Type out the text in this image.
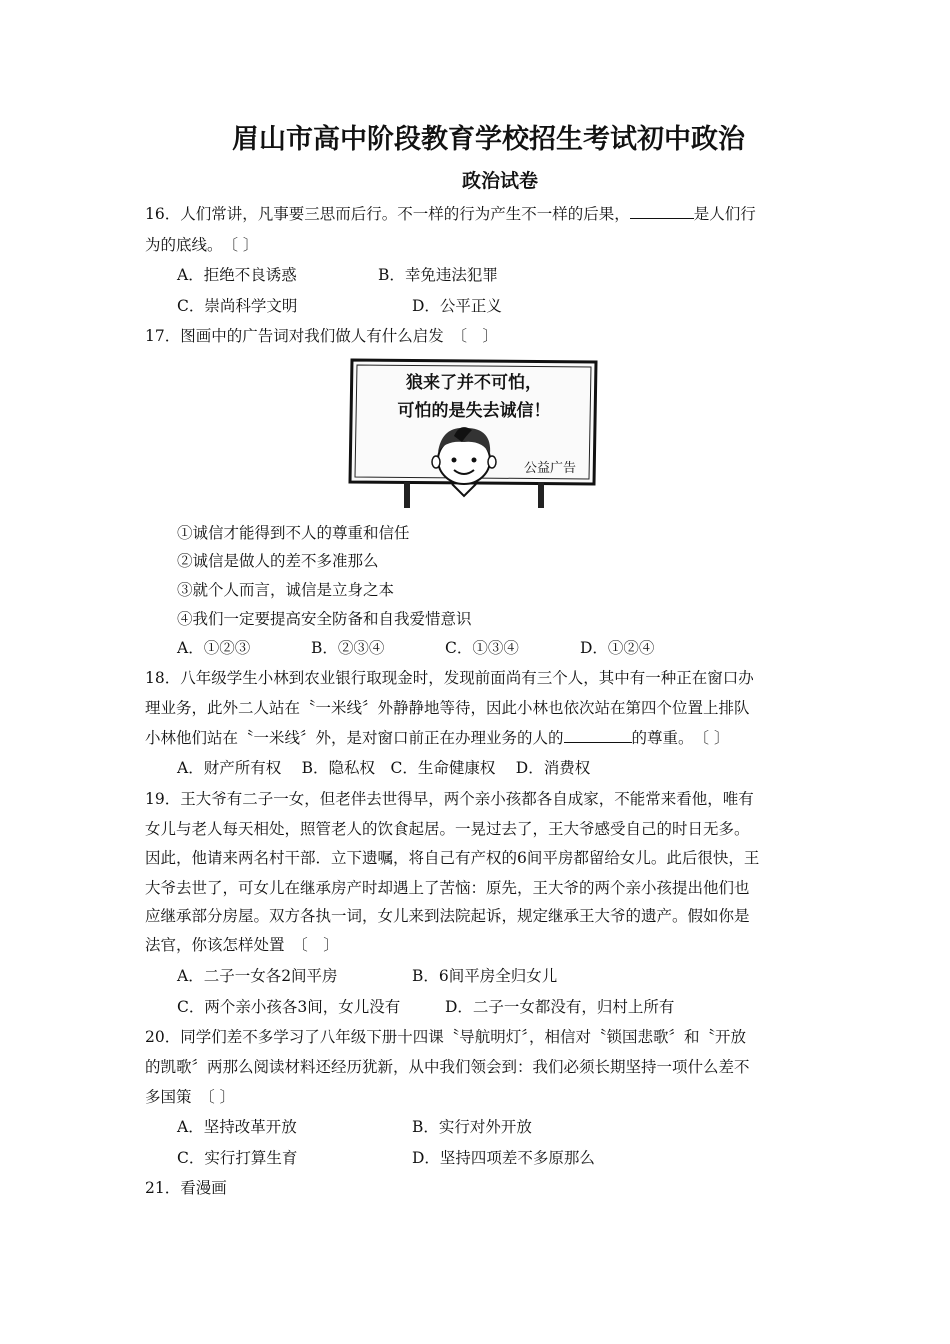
眉山市高中阶段教育学校招生考试初中政治
政治试卷
16．人们常讲，凡事要三思而后行。不一样的行为产生不一样的后果，	是人们行
为的底线。　〔 〕
A．拒绝不良诱惑	B．幸免违法犯罪
C．崇尚科学文明	D．公平正义
17．图画中的广告词对我们做人有什么启发　〔　〕
狼来了并不可怕，
可怕的是失去诚信！
公益广告
①诚信才能得到不人的尊重和信任
②诚信是做人的差不多准那么
③就个人而言，诚信是立身之本
④我们一定要提高安全防备和自我爱惜意识
A．①②③	B．②③④	C．①③④	D．①②④
18．八年级学生小林到农业银行取现金时，发现前面尚有三个人，其中有一种正在窗口办
理业务，此外二人站在〝一米线〞外静静地等待，因此小林也依次站在第四个位置上排队
小林他们站在〝一米线〞外，是对窗口前正在办理业务的人的	的尊重。　〔 〕
A．财产所有权　 B．隐私权　C．生命健康权　 D．消费权
19．王大爷有二子一女，但老伴去世得早，两个亲小孩都各自成家，不能常来看他，唯有
女儿与老人每天相处，照管老人的饮食起居。一晃过去了，王大爷感受自己的时日无多。
因此，他请来两名村干部．立下遗嘱，将自己有产权的6间平房都留给女儿。此后很快，王
大爷去世了，可女儿在继承房产时却遇上了苦恼：原先，王大爷的两个亲小孩提出他们也
应继承部分房屋。双方各执一词，女儿来到法院起诉，规定继承王大爷的遗产。假如你是
法官，你该怎样处置　〔　〕
A．二子一女各2间平房	B．6间平房全归女儿
C．两个亲小孩各3间，女儿没有	D．二子一女都没有，归村上所有
20．同学们差不多学习了八年级下册十四课〝导航明灯〞，相信对〝锁国悲歌〞和〝开放
的凯歌〞两那么阅读材料还经历犹新，从中我们领会到：我们必须长期坚持一项什么差不
多国策　〔 〕
A．坚持改革开放	B．实行对外开放
C．实行打算生育	D．坚持四项差不多原那么
21．看漫画
